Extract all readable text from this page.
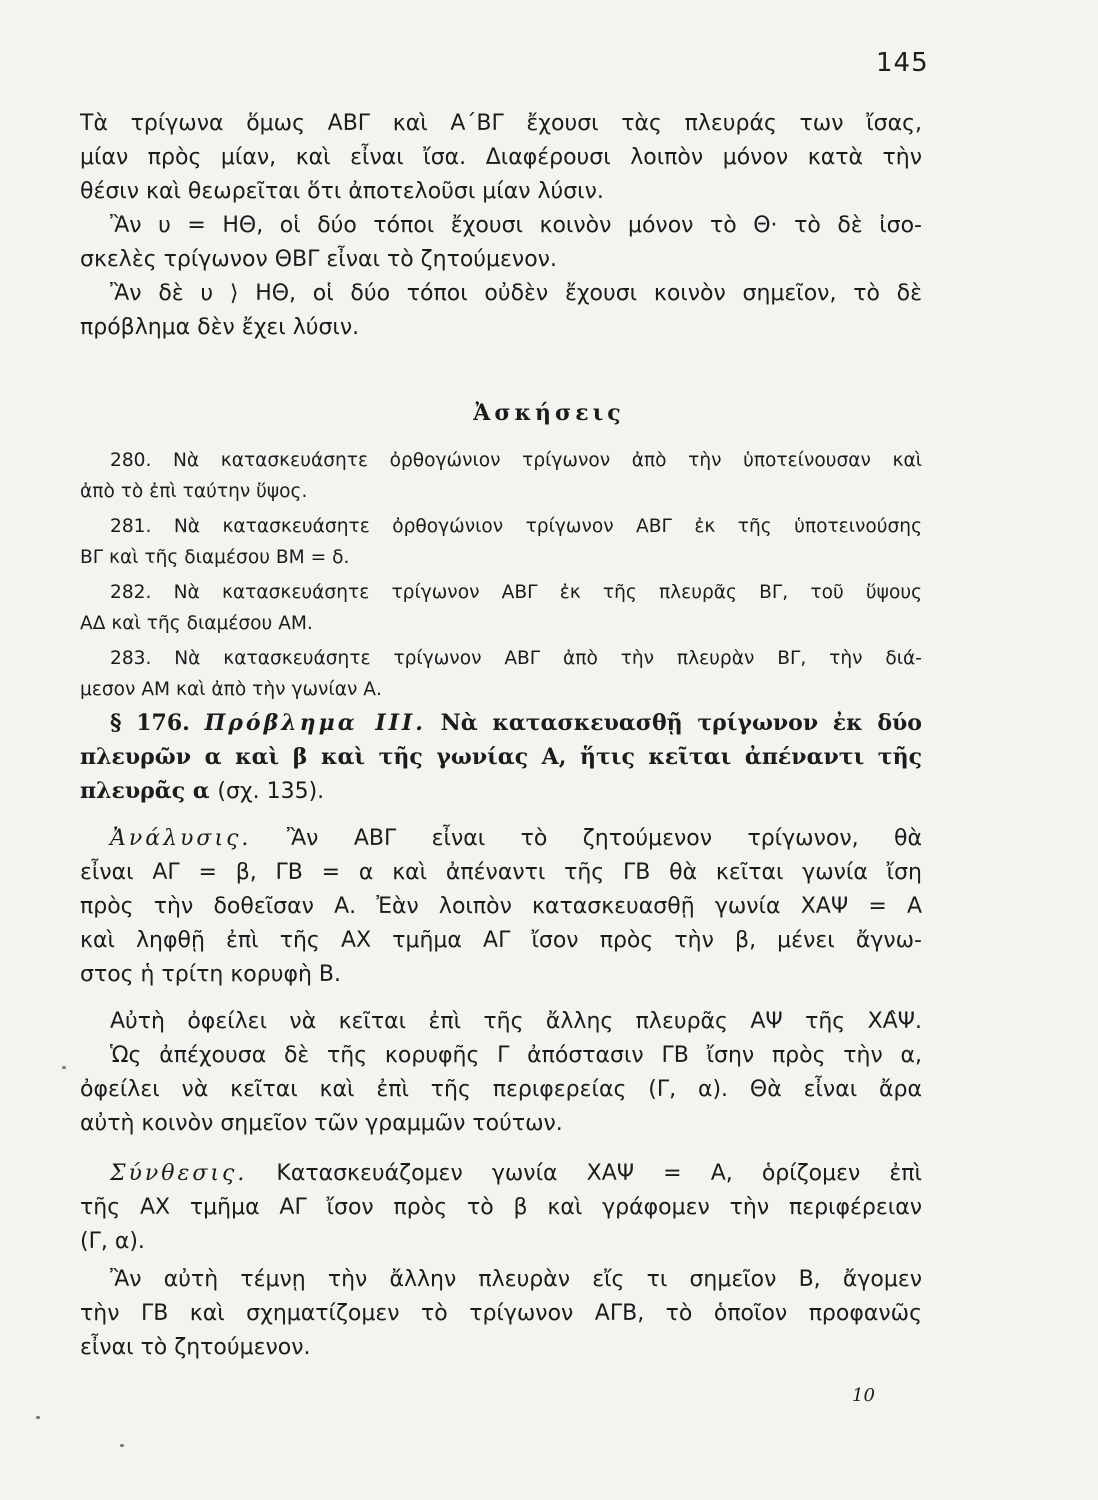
145
Τὰ τρίγωνα ὅμως ΑΒΓ καὶ Α΄ΒΓ ἔχουσι τὰς πλευράς των ἴσας,
μίαν πρὸς μίαν, καὶ εἶναι ἴσα. Διαφέρουσι λοιπὸν μόνον κατὰ τὴν
θέσιν καὶ θεωρεῖται ὅτι ἀποτελοῦσι μίαν λύσιν.
Ἂν υ = ΗΘ, οἱ δύο τόποι ἔχουσι κοινὸν μόνον τὸ Θ· τὸ δὲ ἰσο-
σκελὲς τρίγωνον ΘΒΓ εἶναι τὸ ζητούμενον.
Ἂν δὲ υ ⟩ ΗΘ, οἱ δύο τόποι οὐδὲν ἔχουσι κοινὸν σημεῖον, τὸ δὲ
πρόβλημα δὲν ἔχει λύσιν.
Ἀσκήσεις
280. Νὰ κατασκευάσητε ὀρθογώνιον τρίγωνον ἀπὸ τὴν ὑποτείνουσαν καὶ
ἀπὸ τὸ ἐπὶ ταύτην ὕψος.
281. Νὰ κατασκευάσητε ὀρθογώνιον τρίγωνον ΑΒΓ ἐκ τῆς ὑποτεινούσης
ΒΓ καὶ τῆς διαμέσου ΒΜ = δ.
282. Νὰ κατασκευάσητε τρίγωνον ΑΒΓ ἐκ τῆς πλευρᾶς ΒΓ, τοῦ ὕψους
ΑΔ καὶ τῆς διαμέσου ΑΜ.
283. Νὰ κατασκευάσητε τρίγωνον ΑΒΓ ἀπὸ τὴν πλευρὰν ΒΓ, τὴν διά-
μεσον ΑΜ καὶ ἀπὸ τὴν γωνίαν Α.
§ 176. Πρόβλημα ΙΙΙ. Νὰ κατασκευασθῇ τρίγωνον ἐκ δύο
πλευρῶν α καὶ β καὶ τῆς γωνίας Α, ἥτις κεῖται ἀπέναντι τῆς
πλευρᾶς α (σχ. 135).
Ἀνάλυσις. Ἂν ΑΒΓ εἶναι τὸ ζητούμενον τρίγωνον, θὰ
εἶναι ΑΓ = β, ΓΒ = α καὶ ἀπέναντι τῆς ΓΒ θὰ κεῖται γωνία ἴση
πρὸς τὴν δοθεῖσαν Α. Ἐὰν λοιπὸν κατασκευασθῇ γωνία ΧΑΨ = Α
καὶ ληφθῇ ἐπὶ τῆς ΑΧ τμῆμα ΑΓ ἴσον πρὸς τὴν β, μένει ἄγνω-
στος ἡ τρίτη κορυφὴ Β.
Αὐτὴ ὀφείλει νὰ κεῖται ἐπὶ τῆς ἄλλης πλευρᾶς ΑΨ τῆς ΧΑ̂Ψ.
Ὡς ἀπέχουσα δὲ τῆς κορυφῆς Γ ἀπόστασιν ΓΒ ἴσην πρὸς τὴν α,
ὀφείλει νὰ κεῖται καὶ ἐπὶ τῆς περιφερείας (Γ, α). Θὰ εἶναι ἄρα
αὐτὴ κοινὸν σημεῖον τῶν γραμμῶν τούτων.
Σύνθεσις. Κατασκευάζομεν γωνία ΧΑΨ = Α, ὁρίζομεν ἐπὶ
τῆς ΑΧ τμῆμα ΑΓ ἴσον πρὸς τὸ β καὶ γράφομεν τὴν περιφέρειαν
(Γ, α).
Ἂν αὐτὴ τέμνῃ τὴν ἄλλην πλευρὰν εἴς τι σημεῖον Β, ἄγομεν
τὴν ΓΒ καὶ σχηματίζομεν τὸ τρίγωνον ΑΓΒ, τὸ ὁποῖον προφανῶς
εἶναι τὸ ζητούμενον.
10
